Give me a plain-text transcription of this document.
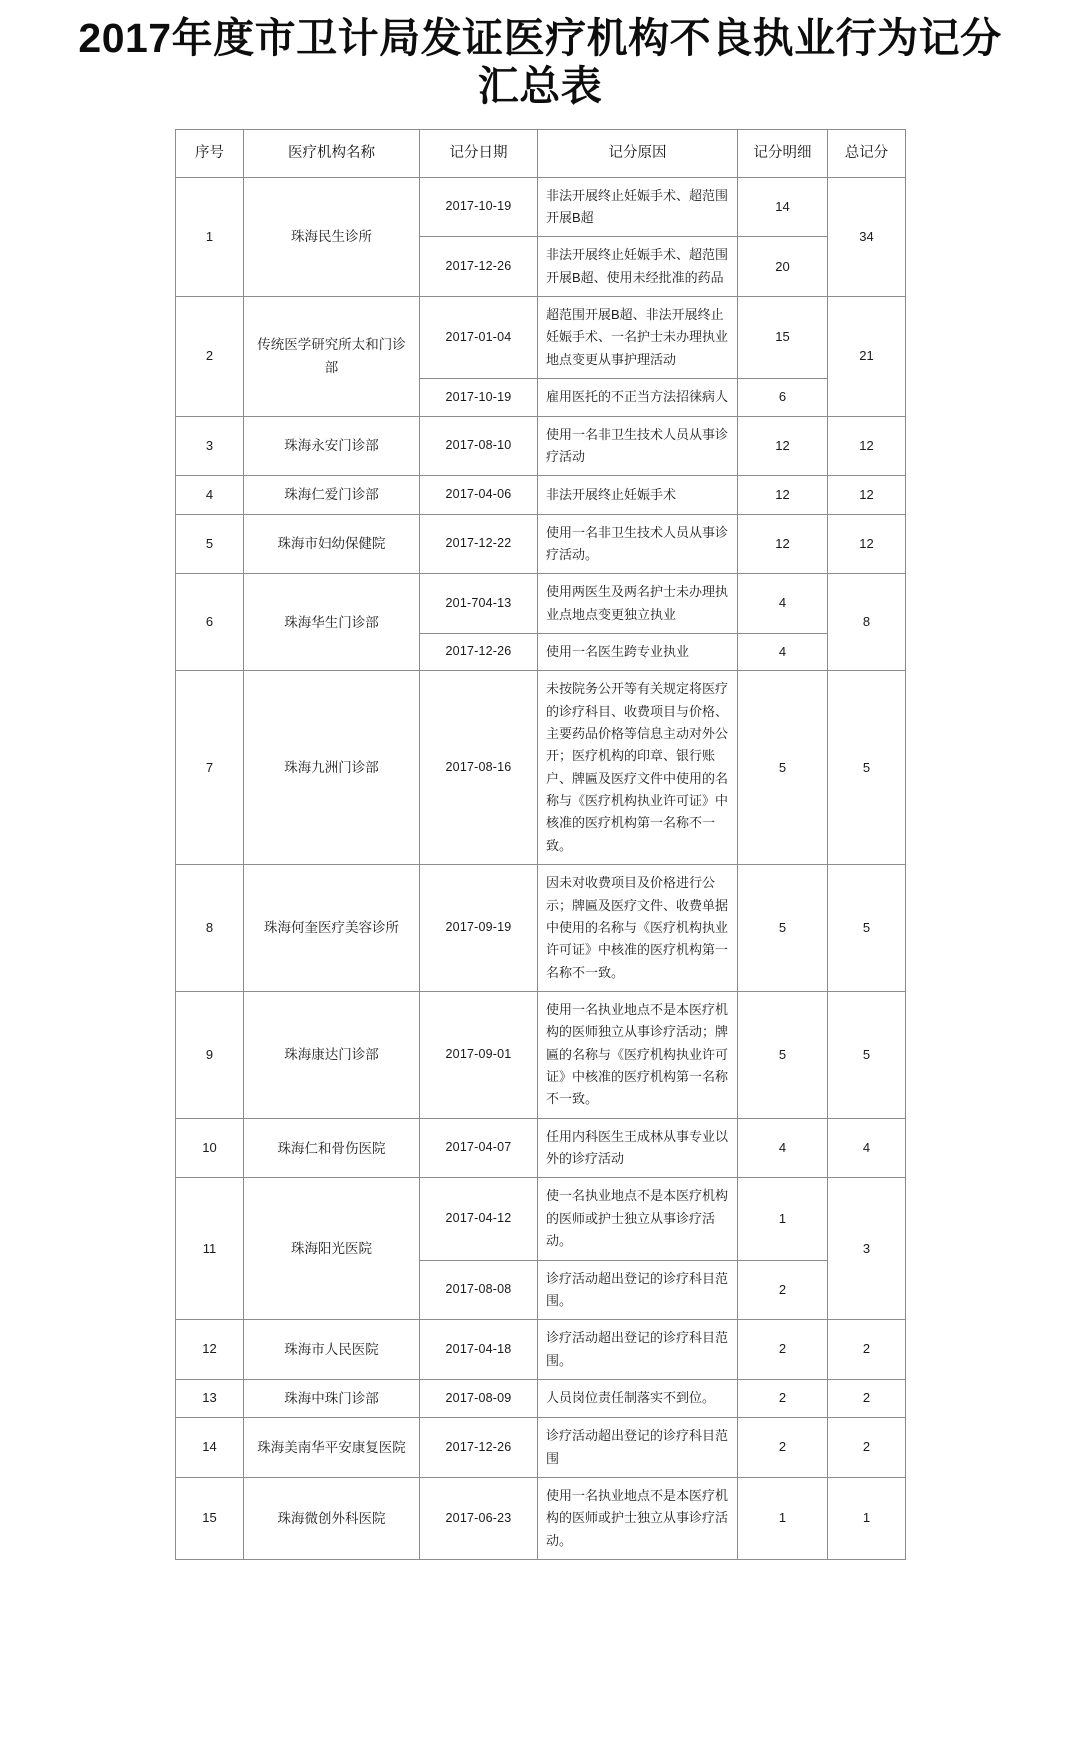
2017年度市卫计局发证医疗机构不良执业行为记分汇总表
序号	医疗机构名称	记分日期	记分原因	记分明细	总记分
1	珠海民生诊所	2017-10-19	非法开展终止妊娠手术、超范围开展B超	14	34
		2017-12-26	非法开展终止妊娠手术、超范围开展B超、使用未经批准的药品	20	
2	传统医学研究所太和门诊部	2017-01-04	超范围开展B超、非法开展终止妊娠手术、一名护士未办理执业地点变更从事护理活动	15	21
		2017-10-19	雇用医托的不正当方法招徕病人	6	
3	珠海永安门诊部	2017-08-10	使用一名非卫生技术人员从事诊疗活动	12	12
4	珠海仁爱门诊部	2017-04-06	非法开展终止妊娠手术	12	12
5	珠海市妇幼保健院	2017-12-22	使用一名非卫生技术人员从事诊疗活动。	12	12
6	珠海华生门诊部	201-704-13	使用两医生及两名护士未办理执业点地点变更独立执业	4	8
		2017-12-26	使用一名医生跨专业执业	4	
7	珠海九洲门诊部	2017-08-16	未按院务公开等有关规定将医疗的诊疗科目、收费项目与价格、主要药品价格等信息主动对外公开；医疗机构的印章、银行账户、牌匾及医疗文件中使用的名称与《医疗机构执业许可证》中核准的医疗机构第一名称不一致。	5	5
8	珠海何奎医疗美容诊所	2017-09-19	因未对收费项目及价格进行公示；牌匾及医疗文件、收费单据中使用的名称与《医疗机构执业许可证》中核准的医疗机构第一名称不一致。	5	5
9	珠海康达门诊部	2017-09-01	使用一名执业地点不是本医疗机构的医师独立从事诊疗活动；牌匾的名称与《医疗机构执业许可证》中核准的医疗机构第一名称不一致。	5	5
10	珠海仁和骨伤医院	2017-04-07	任用内科医生王成林从事专业以外的诊疗活动	4	4
11	珠海阳光医院	2017-04-12	使一名执业地点不是本医疗机构的医师或护士独立从事诊疗活动。	1	3
		2017-08-08	诊疗活动超出登记的诊疗科目范围。	2	
12	珠海市人民医院	2017-04-18	诊疗活动超出登记的诊疗科目范围。	2	2
13	珠海中珠门诊部	2017-08-09	人员岗位责任制落实不到位。	2	2
14	珠海美南华平安康复医院	2017-12-26	诊疗活动超出登记的诊疗科目范围	2	2
15	珠海微创外科医院	2017-06-23	使用一名执业地点不是本医疗机构的医师或护士独立从事诊疗活动。	1	1
